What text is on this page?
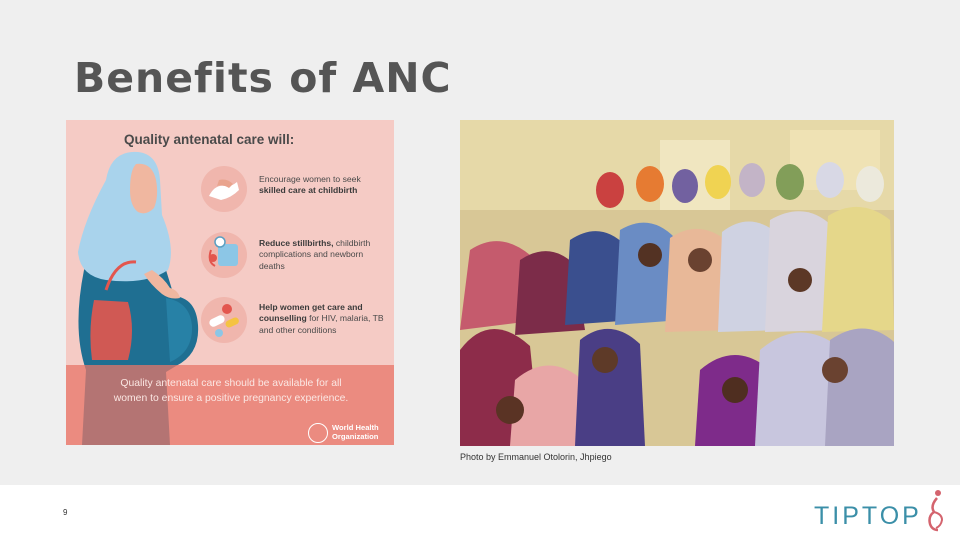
Benefits of ANC
Quality antenatal care will:
Encourage women to seek skilled care at childbirth
Reduce stillbirths, childbirth complications and newborn deaths
Help women get care and counselling for HIV, malaria, TB and other conditions
Quality antenatal care should be available for all women to ensure a positive pregnancy experience.
World Health Organization
Photo by Emmanuel Otolorin, Jhpiego
9	TIPTOP
